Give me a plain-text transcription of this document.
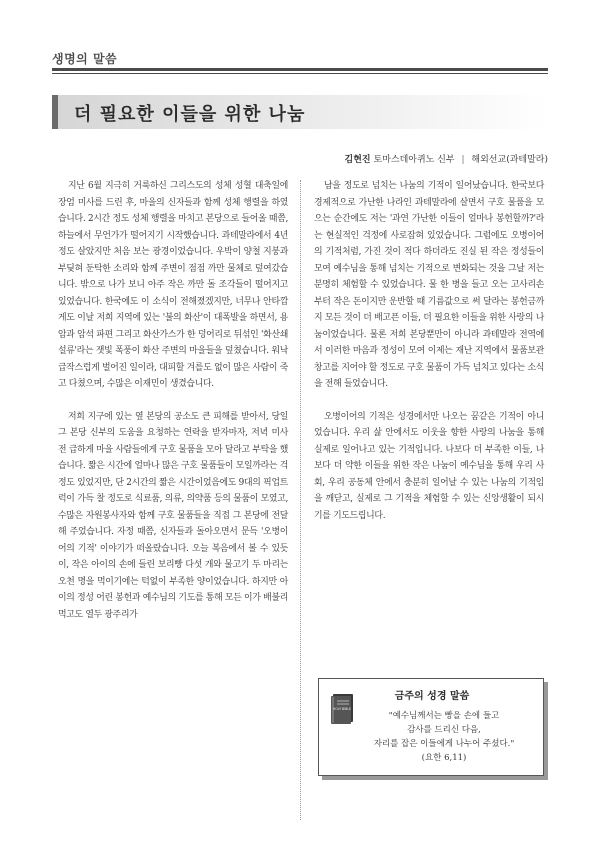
생명의 말씀
더 필요한 이들을 위한 나눔
김현진 토마스데아퀴노 신부 | 해외선교(과테말라)

지난 6월 지극히 거룩하신 그리스도의 성체 성혈 대축일에 장엄 미사를 드린 후, 마을의 신자들과 함께 성체 행렬을 하였습니다. 2시간 정도 성체 행렬을 마치고 본당으로 들어올 때쯤, 하늘에서 무언가가 떨어지기 시작했습니다. 과테말라에서 4년 정도 살았지만 처음 보는 광경이었습니다. 우박이 양철 지붕과 부딪혀 둔탁한 소리와 함께 주변이 점점 까만 물체로 덮여갔습니다. 밖으로 나가 보니 아주 작은 까만 돌 조각들이 떨어지고 있었습니다. 한국에도 이 소식이 전해졌겠지만, 너무나 안타깝게도 이날 저희 지역에 있는 '불의 화산'이 대폭발을 하면서, 용암과 암석 파편 그리고 화산가스가 한 덩어리로 뒤섞인 '화산쇄설류'라는 잿빛 폭풍이 화산 주변의 마을들을 덮쳤습니다. 워낙 급작스럽게 벌어진 일이라, 대피할 겨를도 없이 많은 사람이 죽고 다쳤으며, 수많은 이재민이 생겼습니다.

저희 지구에 있는 옆 본당의 공소도 큰 피해를 받아서, 당일 그 본당 신부의 도움을 요청하는 연락을 받자마자, 저녁 미사 전 급하게 마을 사람들에게 구호 물품을 모아 달라고 부탁을 했습니다. 짧은 시간에 얼마나 많은 구호 물품들이 모일까라는 걱정도 있었지만, 단 2시간의 짧은 시간이었음에도 9대의 픽업트럭이 가득 찰 정도로 식료품, 의류, 의약품 등의 물품이 모였고, 수많은 자원봉사자와 함께 구호 물품들을 직접 그 본당에 전달해 주었습니다. 자정 때쯤, 신자들과 돌아오면서 문득 '오병이어의 기적' 이야기가 떠올랐습니다. 오늘 복음에서 볼 수 있듯이, 작은 아이의 손에 들린 보리빵 다섯 개와 물고기 두 마리는 오천 명을 먹이기에는 턱없이 부족한 양이었습니다. 하지만 아이의 정성 어린 봉헌과 예수님의 기도를 통해 모든 이가 배불리 먹고도 열두 광주리가

남을 정도로 넘치는 나눔의 기적이 일어났습니다. 한국보다 경제적으로 가난한 나라인 과테말라에 살면서 구호 물품을 모으는 순간에도 저는 '과연 가난한 이들이 얼마나 봉헌할까?'라는 현실적인 걱정에 사로잡혀 있었습니다. 그럼에도 오병이어의 기적처럼, 가진 것이 적다 하더라도 진실 된 작은 정성들이 모여 예수님을 통해 넘치는 기적으로 변화되는 것을 그날 저는 분명히 체험할 수 있었습니다. 물 한 병을 들고 오는 고사리손부터 작은 돈이지만 운반할 때 기름값으로 써 달라는 봉헌금까지 모든 것이 더 배고픈 이들, 더 필요한 이들을 위한 사랑의 나눔이었습니다. 물론 저희 본당뿐만이 아니라 과테말라 전역에서 이러한 마음과 정성이 모여 이제는 재난 지역에서 물품보관 창고를 지어야 할 정도로 구호 물품이 가득 넘치고 있다는 소식을 전해 들었습니다.

오병이어의 기적은 성경에서만 나오는 꿈같은 기적이 아니었습니다. 우리 삶 안에서도 이웃을 향한 사랑의 나눔을 통해 실제로 일어나고 있는 기적입니다. 나보다 더 부족한 이들, 나보다 더 약한 이들을 위한 작은 나눔이 예수님을 통해 우리 사회, 우리 공동체 안에서 충분히 일어날 수 있는 나눔의 기적임을 깨닫고, 실제로 그 기적을 체험할 수 있는 신앙생활이 되시기를 기도드립니다.

HOLY BIBLE
금주의 성경 말씀
"예수님께서는 빵을 손에 들고
감사를 드리신 다음,
자리를 잡은 이들에게 나누어 주셨다."
(요한 6,11)
